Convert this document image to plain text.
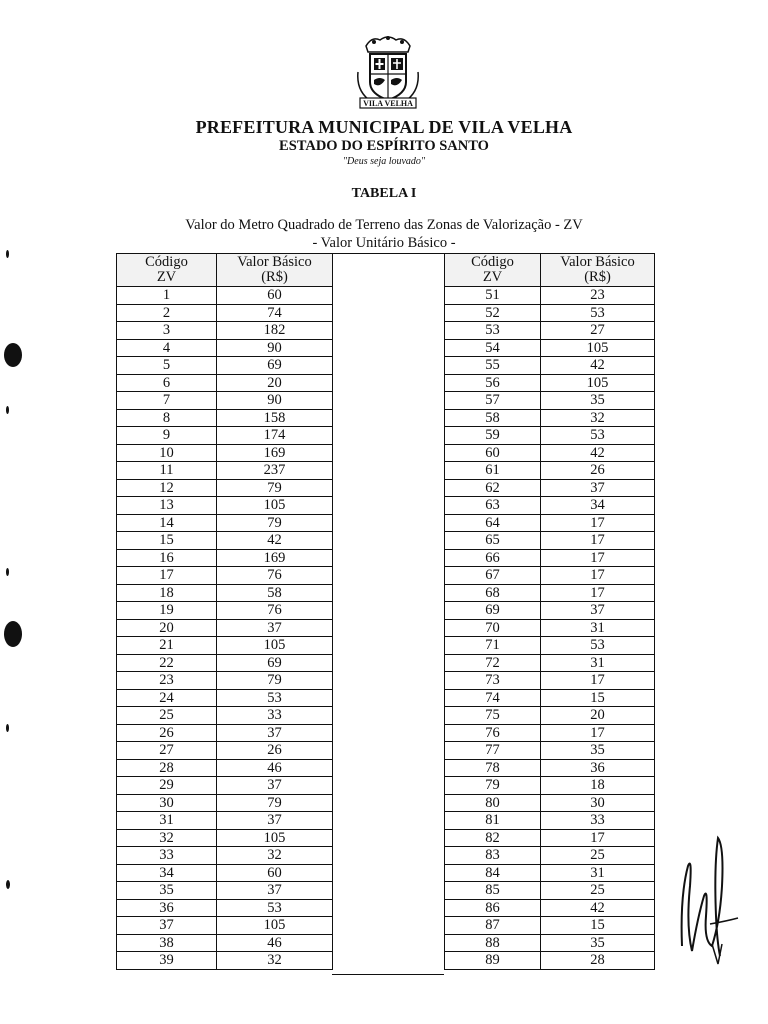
VILA VELHA
PREFEITURA MUNICIPAL DE VILA VELHA
ESTADO DO ESPÍRITO SANTO
"Deus seja louvado"
TABELA I
Valor do Metro Quadrado de Terreno das Zonas de Valorização - ZV
- Valor Unitário Básico -
Código
ZV	Valor Básico
(R$)
1	60
2	74
3	182
4	90
5	69
6	20
7	90
8	158
9	174
10	169
11	237
12	79
13	105
14	79
15	42
16	169
17	76
18	58
19	76
20	37
21	105
22	69
23	79
24	53
25	33
26	37
27	26
28	46
29	37
30	79
31	37
32	105
33	32
34	60
35	37
36	53
37	105
38	46
39	32
Código
ZV	Valor Básico
(R$)
51	23
52	53
53	27
54	105
55	42
56	105
57	35
58	32
59	53
60	42
61	26
62	37
63	34
64	17
65	17
66	17
67	17
68	17
69	37
70	31
71	53
72	31
73	17
74	15
75	20
76	17
77	35
78	36
79	18
80	30
81	33
82	17
83	25
84	31
85	25
86	42
87	15
88	35
89	28
